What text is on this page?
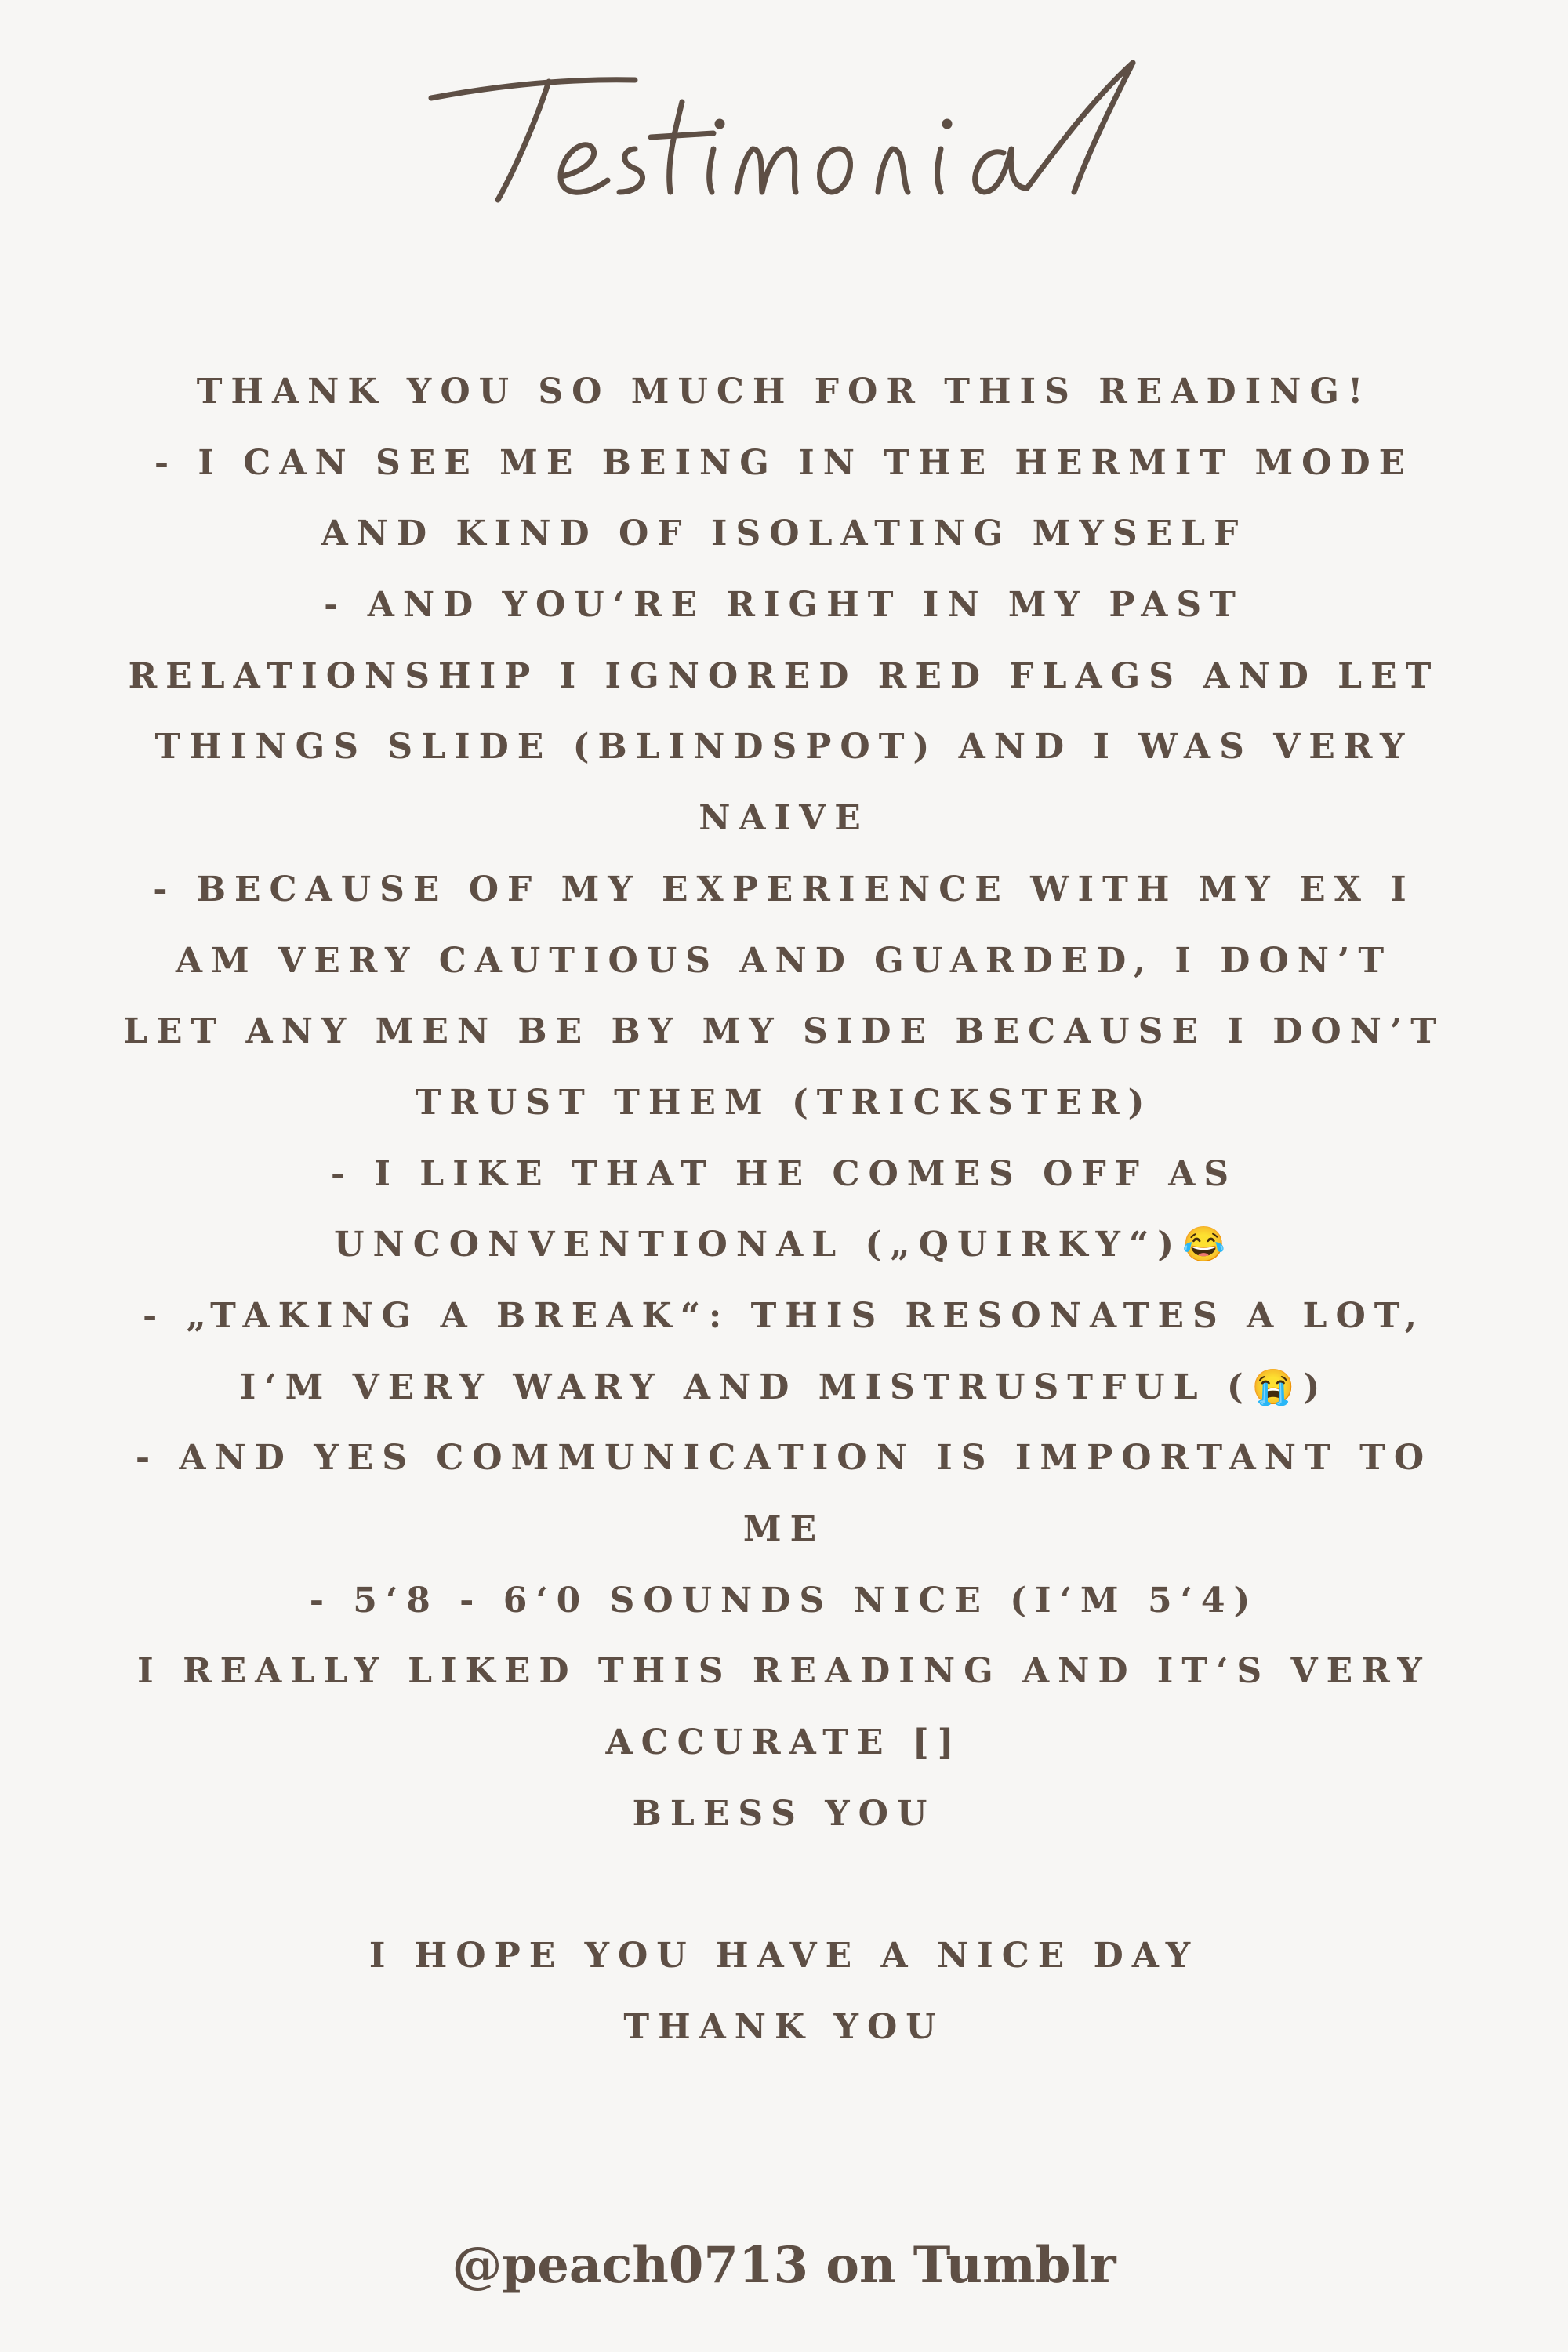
THANK YOU SO MUCH FOR THIS READING!
- I CAN SEE ME BEING IN THE HERMIT MODE
AND KIND OF ISOLATING MYSELF
- AND YOU‘RE RIGHT IN MY PAST
RELATIONSHIP I IGNORED RED FLAGS AND LET
THINGS SLIDE (BLINDSPOT) AND I WAS VERY
NAIVE
- BECAUSE OF MY EXPERIENCE WITH MY EX I
AM VERY CAUTIOUS AND GUARDED, I DON’T
LET ANY MEN BE BY MY SIDE BECAUSE I DON’T
TRUST THEM (TRICKSTER)
- I LIKE THAT HE COMES OFF AS
UNCONVENTIONAL („QUIRKY“)😂
- „TAKING A BREAK“: THIS RESONATES A LOT,
I‘M VERY WARY AND MISTRUSTFUL (😭)
- AND YES COMMUNICATION IS IMPORTANT TO
ME
- 5‘8 - 6‘0 SOUNDS NICE (I‘M 5‘4)
I REALLY LIKED THIS READING AND IT‘S VERY
ACCURATE []
BLESS YOU
I HOPE YOU HAVE A NICE DAY
THANK YOU
@peach0713 on Tumblr
